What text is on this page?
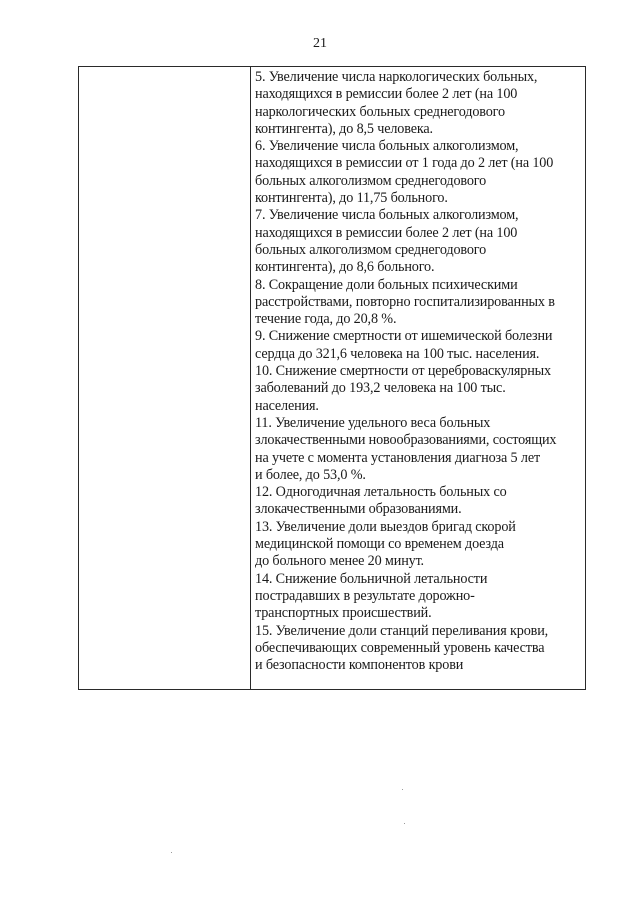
21
5. Увеличение числа наркологических больных,
находящихся в ремиссии более 2 лет (на 100
наркологических больных среднегодового
контингента), до 8,5 человека.
6. Увеличение числа больных алкоголизмом,
находящихся в ремиссии от 1 года до 2 лет (на 100
больных алкоголизмом среднегодового
контингента), до 11,75 больного.
7. Увеличение числа больных алкоголизмом,
находящихся в ремиссии более 2 лет (на 100
больных алкоголизмом среднегодового
контингента), до 8,6 больного.
8. Сокращение доли больных психическими
расстройствами, повторно госпитализированных в
течение года, до 20,8 %.
9. Снижение смертности от ишемической болезни
сердца до 321,6 человека на 100 тыс. населения.
10. Снижение смертности от цереброваскулярных
заболеваний до 193,2 человека на 100 тыс.
населения.
11. Увеличение удельного веса больных
злокачественными новообразованиями, состоящих
на учете с момента установления диагноза 5 лет
и более, до 53,0 %.
12. Одногодичная летальность больных со
злокачественными образованиями.
13. Увеличение доли выездов бригад скорой
медицинской помощи со временем доезда
до больного менее 20 минут.
14. Снижение больничной летальности
пострадавших в результате дорожно-
транспортных происшествий.
15. Увеличение доли станций переливания крови,
обеспечивающих современный уровень качества
и безопасности компонентов крови
